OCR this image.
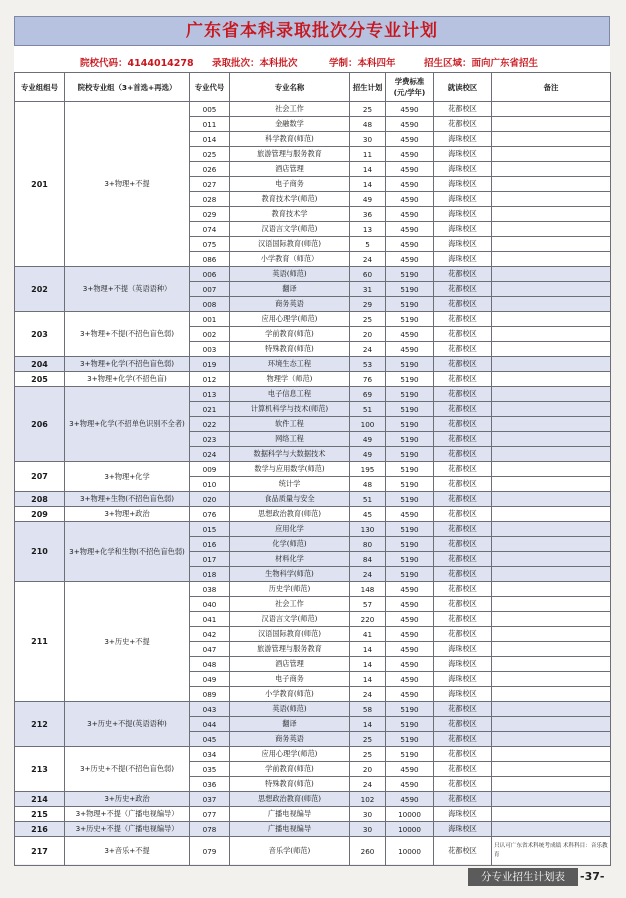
广东省本科录取批次分专业计划
院校代码：4144014278 录取批次：本科批次	学制：本科四年	招生区域：面向广东省招生
专业组组号	院校专业组（3+首选+再选）	专业代号	专业名称	招生计划	学费标准
(元/学年)	就读校区	备注
201	3+物理+不提	005	社会工作	25	4590	花都校区	
		011	金融数学	48	4590	花都校区	
		014	科学教育(师范)	30	4590	海珠校区	
		025	旅游管理与服务教育	11	4590	海珠校区	
		026	酒店管理	14	4590	海珠校区	
		027	电子商务	14	4590	海珠校区	
		028	教育技术学(师范)	49	4590	海珠校区	
		029	教育技术学	36	4590	海珠校区	
		074	汉语言文学(师范)	13	4590	海珠校区	
		075	汉语国际教育(师范)	5	4590	海珠校区	
		086	小学教育（师范）	24	4590	海珠校区	
202	3+物理+不提（英语语种）	006	英语(师范)	60	5190	花都校区	
		007	翻译	31	5190	花都校区	
		008	商务英语	29	5190	花都校区	
203	3+物理+不提(不招色盲色弱)	001	应用心理学(师范)	25	5190	花都校区	
		002	学前教育(师范)	20	4590	花都校区	
		003	特殊教育(师范)	24	4590	花都校区	
204	3+物理+化学(不招色盲色弱)	019	环境生态工程	53	5190	花都校区	
205	3+物理+化学(不招色盲)	012	物理学（师范)	76	5190	花都校区	
206	3+物理+化学(不招单色识别不全者)	013	电子信息工程	69	5190	花都校区	
		021	计算机科学与技术(师范)	51	5190	花都校区	
		022	软件工程	100	5190	花都校区	
		023	网络工程	49	5190	花都校区	
		024	数据科学与大数据技术	49	5190	花都校区	
207	3+物理+化学	009	数学与应用数学(师范)	195	5190	花都校区	
		010	统计学	48	5190	花都校区	
208	3+物理+生物(不招色盲色弱)	020	食品质量与安全	51	5190	花都校区	
209	3+物理+政治	076	思想政治教育(师范)	45	4590	花都校区	
210	3+物理+化学和生物(不招色盲色弱)	015	应用化学	130	5190	花都校区	
		016	化学(师范)	80	5190	花都校区	
		017	材料化学	84	5190	花都校区	
		018	生物科学(师范)	24	5190	花都校区	
211	3+历史+不提	038	历史学(师范)	148	4590	花都校区	
		040	社会工作	57	4590	花都校区	
		041	汉语言文学(师范)	220	4590	花都校区	
		042	汉语国际教育(师范)	41	4590	花都校区	
		047	旅游管理与服务教育	14	4590	海珠校区	
		048	酒店管理	14	4590	海珠校区	
		049	电子商务	14	4590	海珠校区	
		089	小学教育(师范)	24	4590	海珠校区	
212	3+历史+不提(英语语种)	043	英语(师范)	58	5190	花都校区	
		044	翻译	14	5190	花都校区	
		045	商务英语	25	5190	花都校区	
213	3+历史+不提(不招色盲色弱)	034	应用心理学(师范)	25	5190	花都校区	
		035	学前教育(师范)	20	4590	花都校区	
		036	特殊教育(师范)	24	4590	花都校区	
214	3+历史+政治	037	思想政治教育(师范)	102	4590	花都校区	
215	3+物理+不提（广播电视编导）	077	广播电视编导	30	10000	海珠校区	
216	3+历史+不提（广播电视编导）	078	广播电视编导	30	10000	海珠校区	
217	3+音乐+不提	079	音乐学(师范)	260	10000	花都校区	只认可广东省术科统考成绩 术科科目：音乐教育
分专业招生计划表	-37-
